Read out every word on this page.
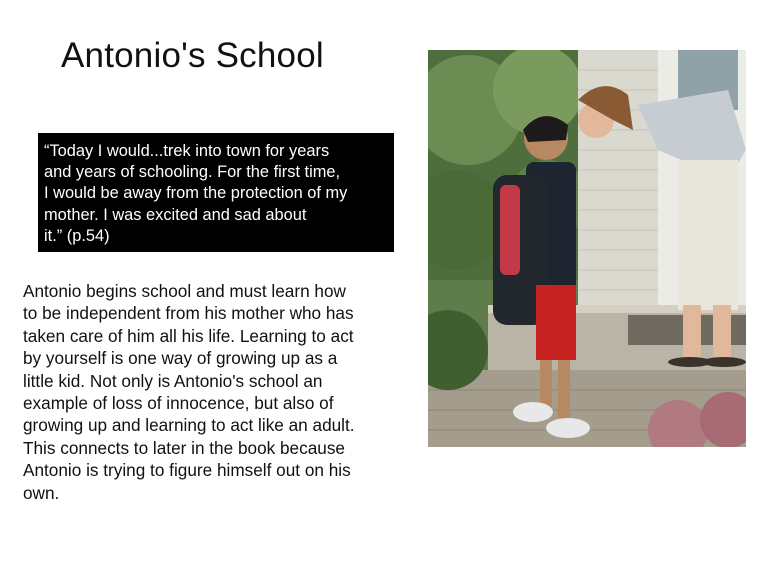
Antonio's School
“Today I would...trek into town for years
and years of schooling. For the first time,
I would be away from the protection of my
mother. I was excited and sad about
it.” (p.54)
Antonio begins school and must learn how
to be independent from his mother who has
taken care of him all his life. Learning to act
by yourself is one way of growing up as a
little kid. Not only is Antonio's school an
example of loss of innocence, but also of
growing up and learning to act like an adult.
This connects to later in the book because
Antonio is trying to figure himself out on his
own.
